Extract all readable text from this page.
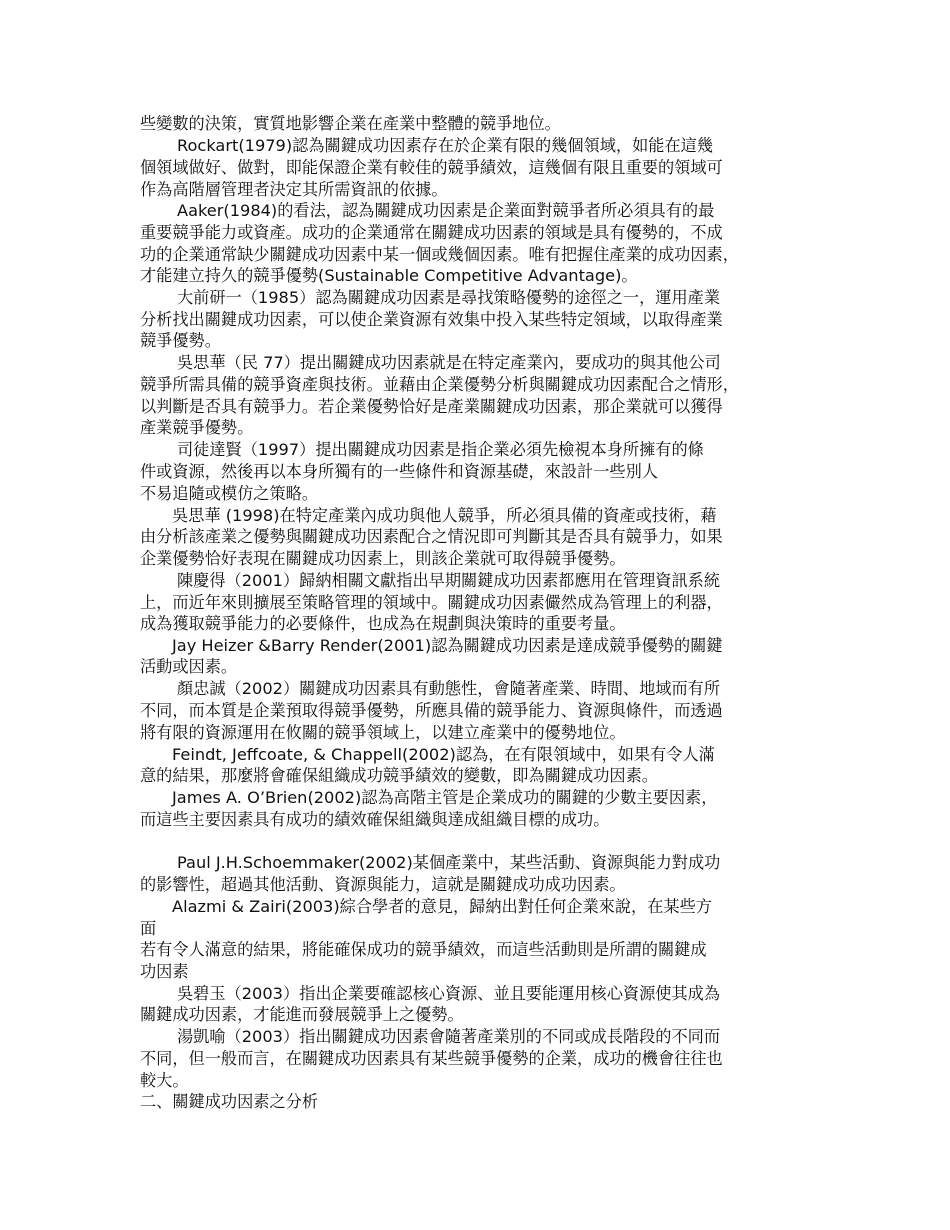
些變數的決策，實質地影響企業在產業中整體的競爭地位。
Rockart(1979)認為關鍵成功因素存在於企業有限的幾個領域，如能在這幾
個領域做好、做對，即能保證企業有較佳的競爭績效，這幾個有限且重要的領域可
作為高階層管理者決定其所需資訊的依據。
Aaker(1984)的看法，認為關鍵成功因素是企業面對競爭者所必須具有的最
重要競爭能力或資產。成功的企業通常在關鍵成功因素的領域是具有優勢的，不成
功的企業通常缺少關鍵成功因素中某一個或幾個因素。唯有把握住產業的成功因素，
才能建立持久的競爭優勢(Sustainable Competitive Advantage)。
大前研一（1985）認為關鍵成功因素是尋找策略優勢的途徑之一，運用產業
分析找出關鍵成功因素，可以使企業資源有效集中投入某些特定領域，以取得產業
競爭優勢。
吳思華（民 77）提出關鍵成功因素就是在特定產業內，要成功的與其他公司
競爭所需具備的競爭資產與技術。並藉由企業優勢分析與關鍵成功因素配合之情形，
以判斷是否具有競爭力。若企業優勢恰好是產業關鍵成功因素，那企業就可以獲得
產業競爭優勢。
司徒達賢（1997）提出關鍵成功因素是指企業必須先檢視本身所擁有的條
件或資源，然後再以本身所獨有的一些條件和資源基礎，來設計一些別人
不易追隨或模仿之策略。
吳思華 (1998)在特定產業內成功與他人競爭，所必須具備的資產或技術，藉
由分析該產業之優勢與關鍵成功因素配合之情況即可判斷其是否具有競爭力，如果
企業優勢恰好表現在關鍵成功因素上，則該企業就可取得競爭優勢。
陳慶得（2001）歸納相關文獻指出早期關鍵成功因素都應用在管理資訊系統
上，而近年來則擴展至策略管理的領域中。關鍵成功因素儼然成為管理上的利器，
成為獲取競爭能力的必要條件，也成為在規劃與決策時的重要考量。
Jay Heizer &Barry Render(2001)認為關鍵成功因素是達成競爭優勢的關鍵
活動或因素。
顏忠誠（2002）關鍵成功因素具有動態性，會隨著產業、時間、地域而有所
不同，而本質是企業預取得競爭優勢，所應具備的競爭能力、資源與條件，而透過
將有限的資源運用在攸關的競爭領域上，以建立產業中的優勢地位。
Feindt, Jeffcoate, & Chappell(2002)認為，在有限領域中，如果有令人滿
意的結果，那麼將會確保組織成功競爭績效的變數，即為關鍵成功因素。
James A. O’Brien(2002)認為高階主管是企業成功的關鍵的少數主要因素，
而這些主要因素具有成功的績效確保組織與達成組織目標的成功。
Paul J.H.Schoemmaker(2002)某個產業中，某些活動、資源與能力對成功
的影響性，超過其他活動、資源與能力，這就是關鍵成功成功因素。
Alazmi & Zairi(2003)綜合學者的意見，歸納出對任何企業來說，在某些方
面
若有令人滿意的結果，將能確保成功的競爭績效，而這些活動則是所謂的關鍵成
功因素
吳碧玉（2003）指出企業要確認核心資源、並且要能運用核心資源使其成為
關鍵成功因素，才能進而發展競爭上之優勢。
湯凱喻（2003）指出關鍵成功因素會隨著產業別的不同或成長階段的不同而
不同，但一般而言，在關鍵成功因素具有某些競爭優勢的企業，成功的機會往往也
較大。
二、關鍵成功因素之分析
